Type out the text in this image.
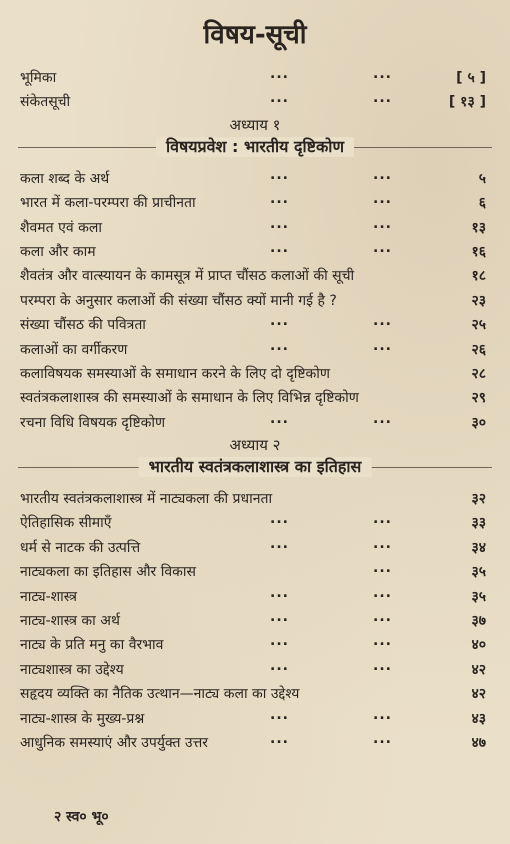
विषय-सूची
भूमिका	...	...	[ ५ ]
संकेतसूची	...	...	[ १३ ]
अध्याय १
विषयप्रवेश : भारतीय दृष्टिकोण
कला शब्द के अर्थ	...	...	५
भारत में कला-परम्परा की प्राचीनता	...	...	६
शैवमत एवं कला	...	...	१३
कला और काम	...	...	१६
शैवतंत्र और वात्स्यायन के कामसूत्र में प्राप्त चौंसठ कलाओं की सूची	१८
परम्परा के अनुसार कलाओं की संख्या चौंसठ क्यों मानी गई है ?	२३
संख्या चौंसठ की पवित्रता	...	...	२५
कलाओं का वर्गीकरण	...	...	२६
कलाविषयक समस्याओं के समाधान करने के लिए दो दृष्टिकोण	२८
स्वतंत्रकलाशास्त्र की समस्याओं के समाधान के लिए विभिन्न दृष्टिकोण	२९
रचना विधि विषयक दृष्टिकोण	...	...	३०
अध्याय २
भारतीय स्वतंत्रकलाशास्त्र का इतिहास
भारतीय स्वतंत्रकलाशास्त्र में नाट्यकला की प्रधानता	३२
ऐतिहासिक सीमाएँ	...	...	३३
धर्म से नाटक की उत्पत्ति	...	...	३४
नाट्यकला का इतिहास और विकास	...	३५
नाट्य-शास्त्र	...	...	३५
नाट्य-शास्त्र का अर्थ	...	...	३७
नाट्य के प्रति मनु का वैरभाव	...	...	४०
नाट्यशास्त्र का उद्देश्य	...	...	४२
सहृदय व्यक्ति का नैतिक उत्थान—नाट्य कला का उद्देश्य	४२
नाट्य-शास्त्र के मुख्य-प्रश्न	...	...	४३
आधुनिक समस्याएं और उपर्युक्त उत्तर	...	...	४७
२ स्व० भू०
